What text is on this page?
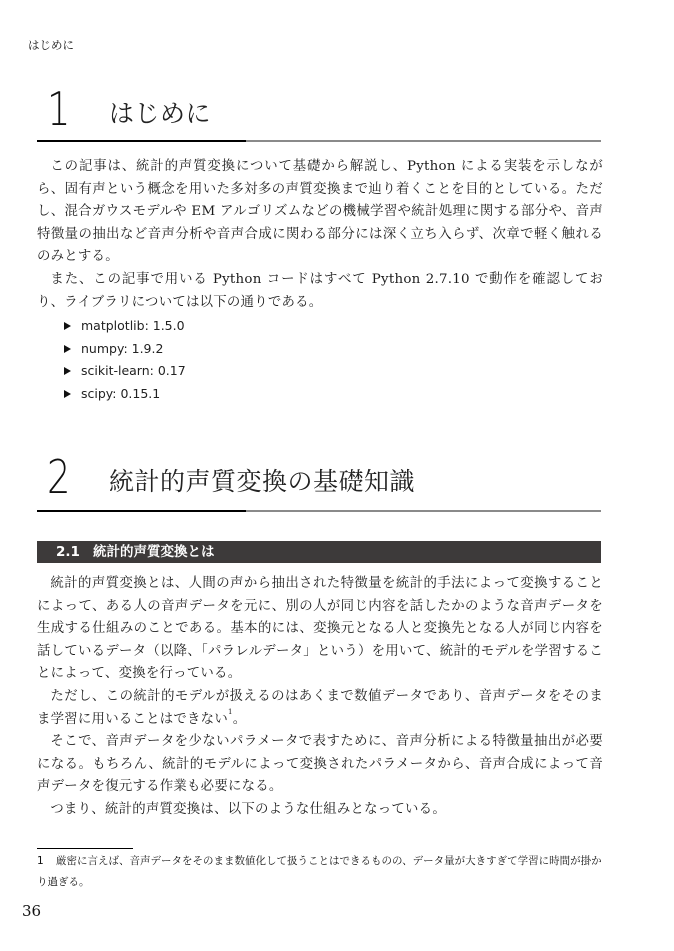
はじめに
1 はじめに

この記事は、統計的声質変換について基礎から解説し、Python による実装を示しながら、固有声という概念を用いた多対多の声質変換まで辿り着くことを目的としている。ただし、混合ガウスモデルや EM アルゴリズムなどの機械学習や統計処理に関する部分や、音声特徴量の抽出など音声分析や音声合成に関わる部分には深く立ち入らず、次章で軽く触れるのみとする。

また、この記事で用いる Python コードはすべて Python 2.7.10 で動作を確認しており、ライブラリについては以下の通りである。

matplotlib: 1.5.0
numpy: 1.9.2
scikit-learn: 0.17
scipy: 0.15.1
2 統計的声質変換の基礎知識
2.1 統計的声質変換とは

統計的声質変換とは、人間の声から抽出された特徴量を統計的手法によって変換することによって、ある人の音声データを元に、別の人が同じ内容を話したかのような音声データを生成する仕組みのことである。基本的には、変換元となる人と変換先となる人が同じ内容を話しているデータ（以降、「パラレルデータ」という）を用いて、統計的モデルを学習することによって、変換を行っている。

ただし、この統計的モデルが扱えるのはあくまで数値データであり、音声データをそのまま学習に用いることはできない$^1$。

そこで、音声データを少ないパラメータで表すために、音声分析による特徴量抽出が必要になる。もちろん、統計的モデルによって変換されたパラメータから、音声合成によって音声データを復元する作業も必要になる。

つまり、統計的声質変換は、以下のような仕組みとなっている。

1 厳密に言えば、音声データをそのまま数値化して扱うことはできるものの、データ量が大きすぎて学習に時間が掛かり過ぎる。
36
